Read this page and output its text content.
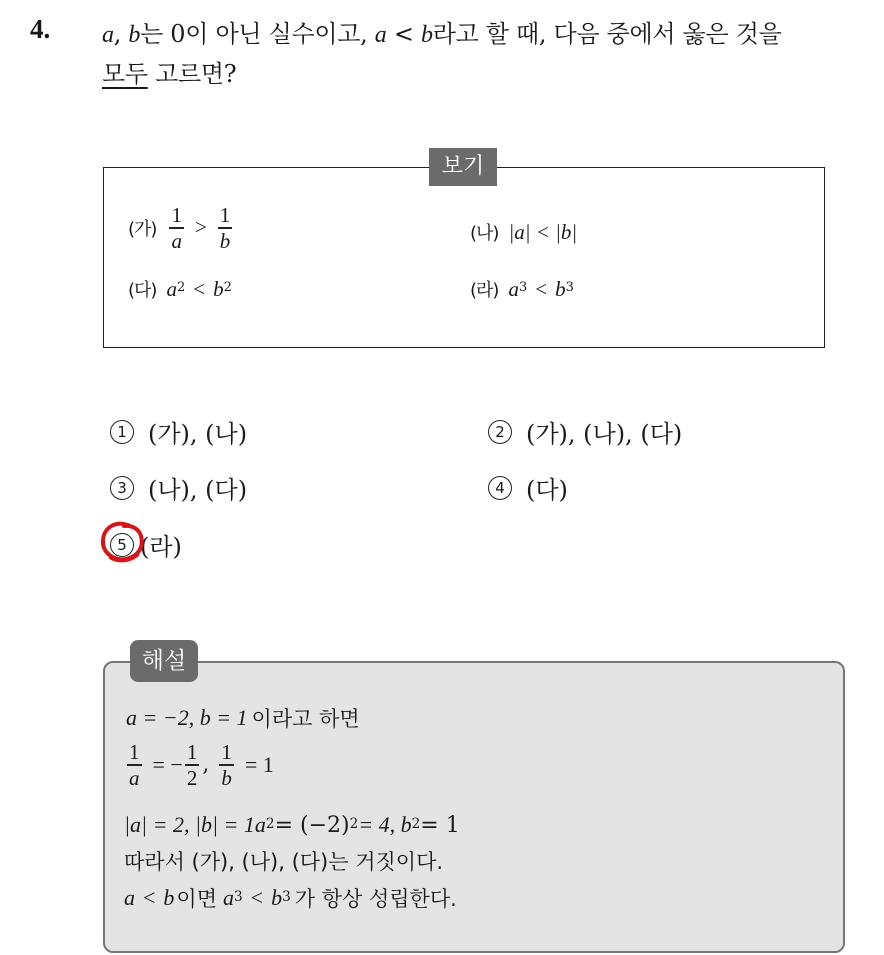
4. a, b는 0이 아닌 실수이고, a < b라고 할 때, 다음 중에서 옳은 것을
모두 고르면?
보기
(가) $\frac{1}{a} > \frac{1}{b}$	(나) |a| < |b|
(다) $a^2 < b^2$	(라) $a^3 < b^3$
1 (가), (나)	2 (가), (나), (다)
3 (나), (다)	4 (다)
5 (라)
해설
a = −2, b = 1 이라고 하면
$\frac{1}{a}$ = − $\frac{1}{2}$ , $\frac{1}{b} = 1$
|a| = 2, $|b| = 1a^2 = (-2)^2 = 4$, $b^2 = 1$
따라서 (가), (나), (다)는 거짓이다.
a < b 이면 $a^3 < b^3$ 가 항상 성립한다.
